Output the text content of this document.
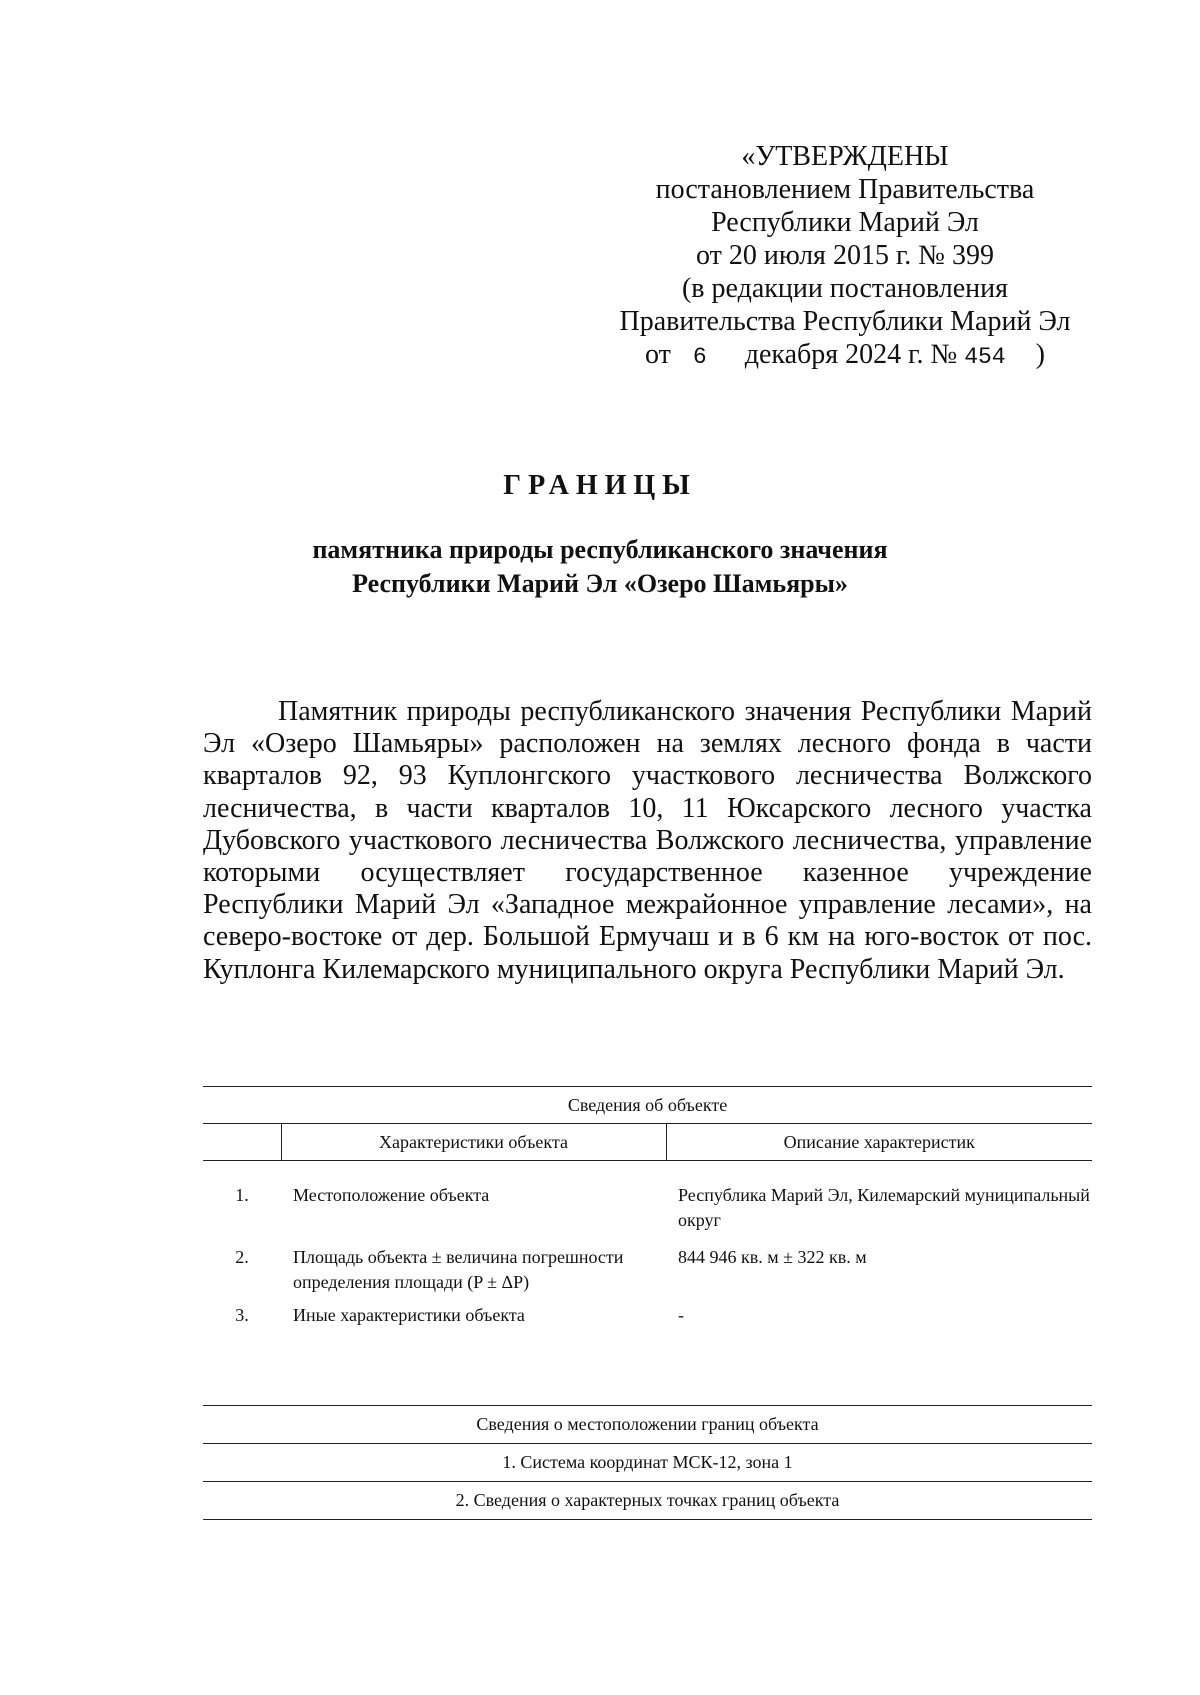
«УТВЕРЖДЕНЫ
постановлением Правительства
Республики Марий Эл
от 20 июля 2015 г. № 399
(в редакции постановления
Правительства Республики Марий Эл
от 6 декабря 2024 г. № 454 )
ГРАНИЦЫ
памятника природы республиканского значения
Республики Марий Эл «Озеро Шамьяры»

Памятник природы республиканского значения Республики Марий Эл «Озеро Шамьяры» расположен на землях лесного фонда в части кварталов 92, 93 Куплонгского участкового лесничества Волжского лесничества, в части кварталов 10, 11 Юксарского лесного участка Дубовского участкового лесничества Волжского лесничества, управление которыми осуществляет государственное казенное учреждение Республики Марий Эл «Западное межрайонное управление лесами», на северо-востоке от дер. Большой Ермучаш и в 6 км на юго-восток от пос. Куплонга Килемарского муниципального округа Республики Марий Эл.

Сведения об объекте		
	Характеристики объекта	Описание характеристик
1.	Местоположение объекта	Республика Марий Эл, Килемарский муниципальный округ
2.	Площадь объекта ± величина погрешности определения площади (P ± ΔP)	844 946 кв. м ± 322 кв. м
3.	Иные характеристики объекта	-
Сведения о местоположении границ объекта
1. Система координат МСК-12, зона 1
2. Сведения о характерных точках границ объекта
